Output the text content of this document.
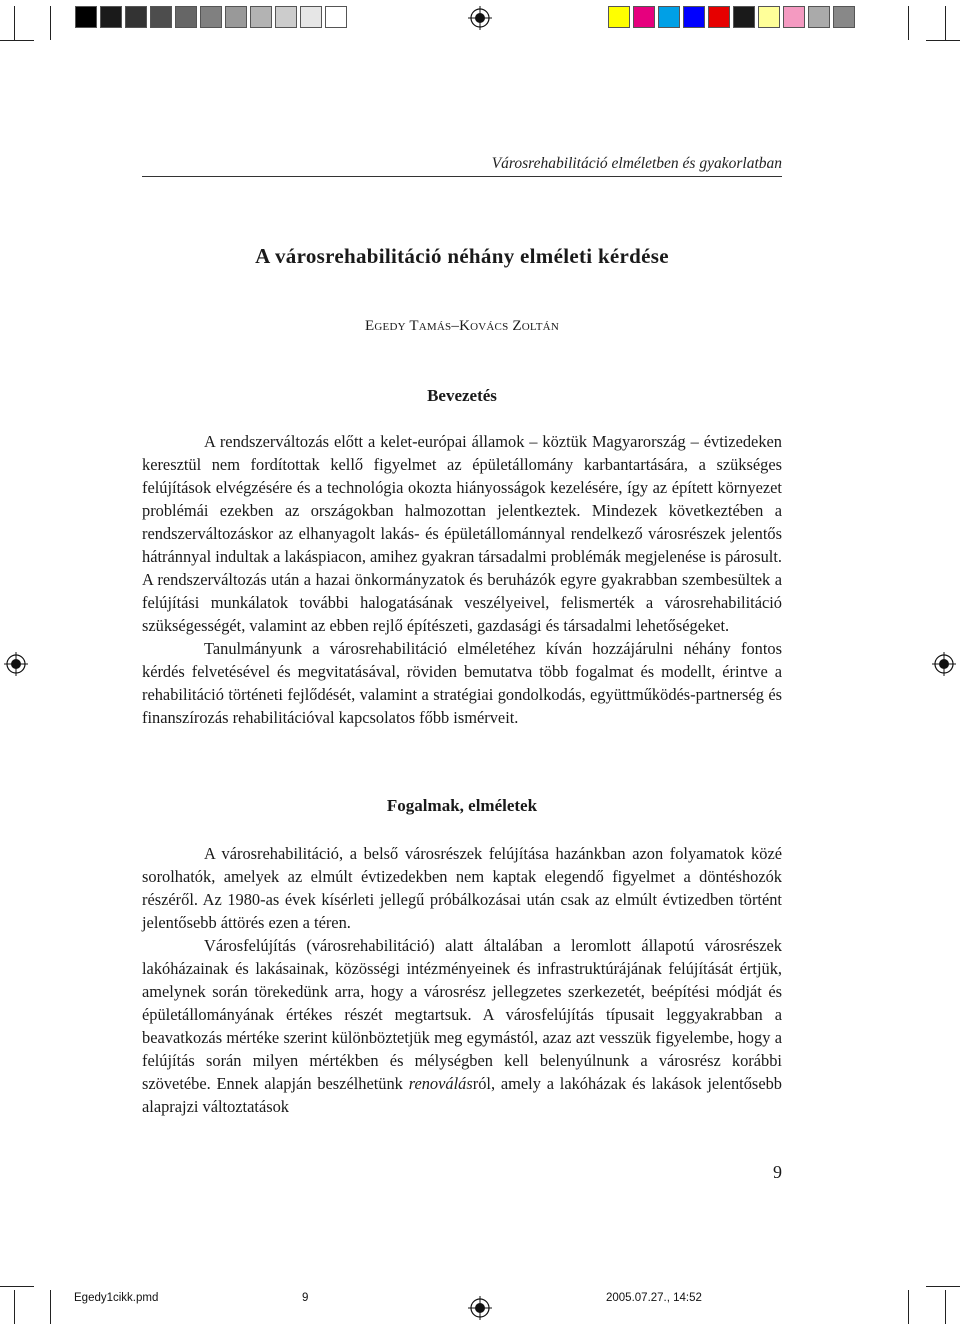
Városrehabilitáció elméletben és gyakorlatban
A városrehabilitáció néhány elméleti kérdése
Egedy Tamás–Kovács Zoltán
Bevezetés

A rendszerváltozás előtt a kelet-európai államok – köztük Magyarország – évtizedeken keresztül nem fordítottak kellő figyelmet az épületállomány karbantartására, a szükséges felújítások elvégzésére és a technológia okozta hiányosságok kezelésére, így az épített környezet problémái ezekben az országokban halmozottan jelentkeztek. Mindezek következtében a rendszerváltozáskor az elhanyagolt lakás- és épületállománnyal rendelkező városrészek jelentős hátránnyal indultak a lakáspiacon, amihez gyakran társadalmi problémák megjelenése is párosult. A rendszerváltozás után a hazai önkormányzatok és beruházók egyre gyakrabban szembesültek a felújítási munkálatok további halogatásának veszélyeivel, felismerték a városrehabilitáció szükségességét, valamint az ebben rejlő építészeti, gazdasági és társadalmi lehetőségeket.

Tanulmányunk a városrehabilitáció elméletéhez kíván hozzájárulni néhány fontos kérdés felvetésével és megvitatásával, röviden bemutatva több fogalmat és modellt, érintve a rehabilitáció történeti fejlődését, valamint a stratégiai gondolkodás, együttműködés-partnerség és finanszírozás rehabilitációval kapcsolatos főbb ismérveit.

Fogalmak, elméletek

A városrehabilitáció, a belső városrészek felújítása hazánkban azon folyamatok közé sorolhatók, amelyek az elmúlt évtizedekben nem kaptak elegendő figyelmet a döntéshozók részéről. Az 1980-as évek kísérleti jellegű próbálkozásai után csak az elmúlt évtizedben történt jelentősebb áttörés ezen a téren.

Városfelújítás (városrehabilitáció) alatt általában a leromlott állapotú városrészek lakóházainak és lakásainak, közösségi intézményeinek és infrastruktúrájának felújítását értjük, amelynek során törekedünk arra, hogy a városrész jellegzetes szerkezetét, beépítési módját és épületállományának értékes részét megtartsuk. A városfelújítás típusait leggyakrabban a beavatkozás mértéke szerint különböztetjük meg egymástól, azaz azt vesszük figyelembe, hogy a felújítás során milyen mértékben és mélységben kell belenyúlnunk a városrész korábbi szövetébe. Ennek alapján beszélhetünk renoválásról, amely a lakóházak és lakások jelentősebb alaprajzi változtatások

9
Egedy1cikk.pmd	9	2005.07.27., 14:52
